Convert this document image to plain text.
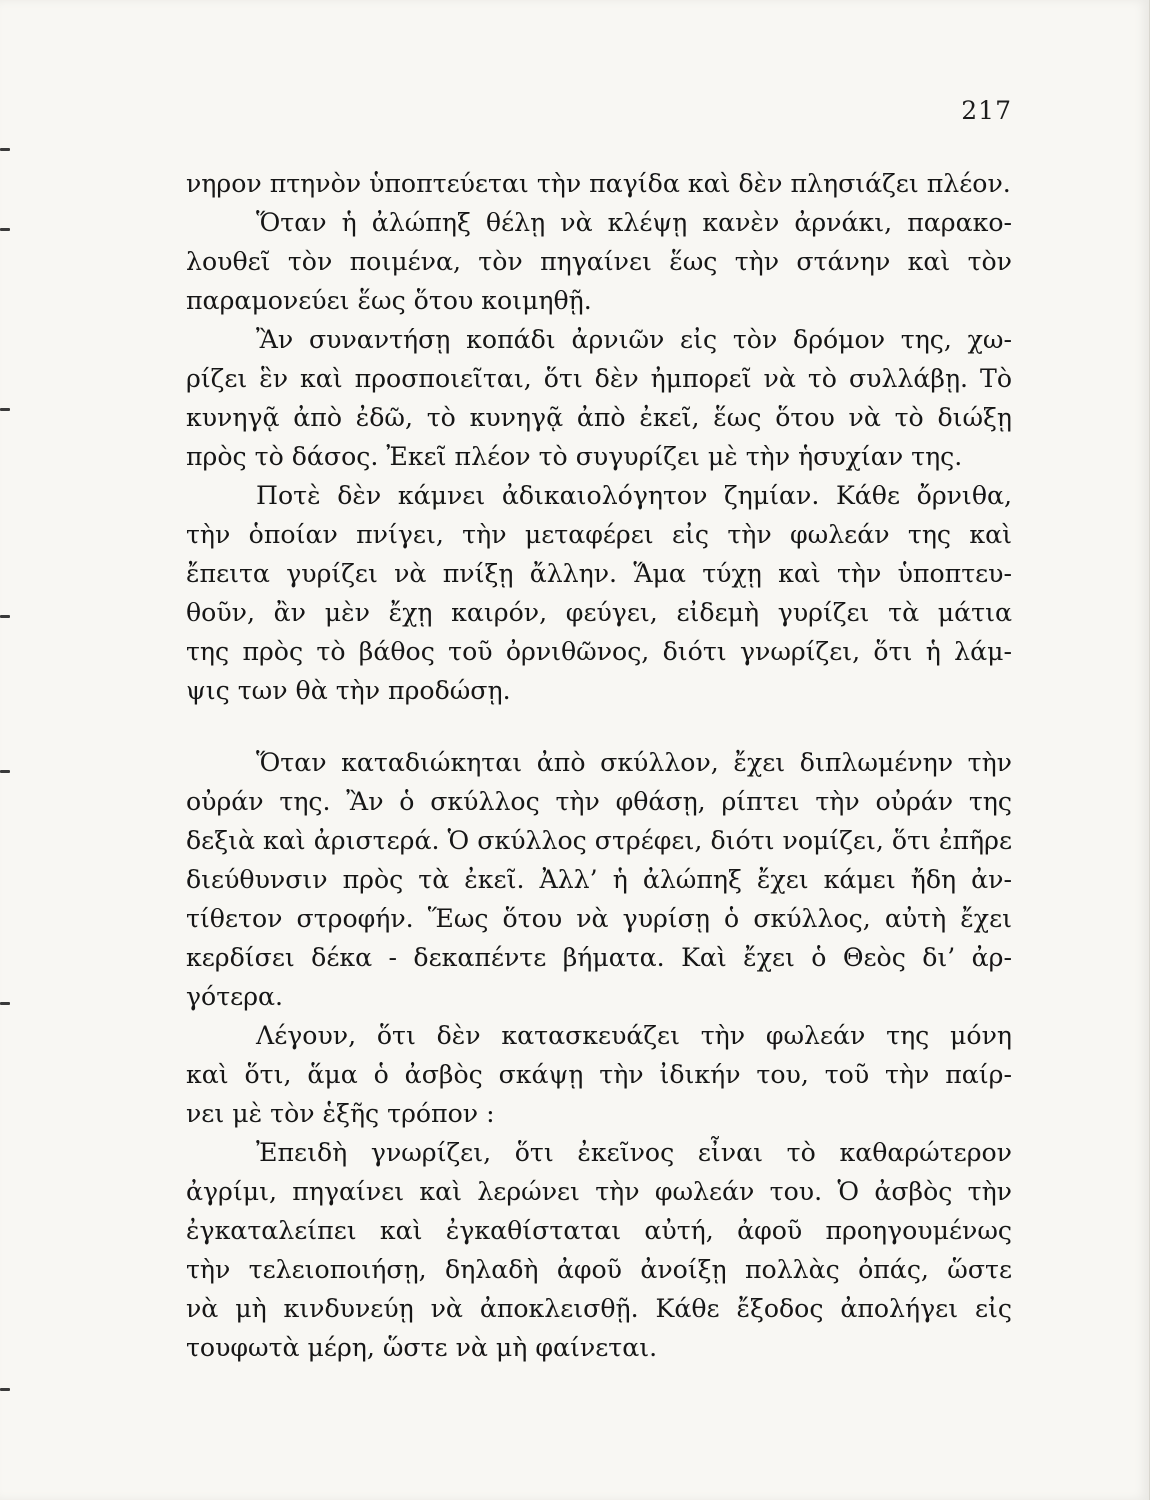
217
νηρον πτηνὸν ὑποπτεύεται τὴν παγίδα καὶ δὲν πλησιάζει πλέον.
Ὅταν ἡ ἀλώπηξ θέλῃ νὰ κλέψῃ κανὲν ἀρνάκι, παρακο-
λουθεῖ τὸν ποιμένα, τὸν πηγαίνει ἕως τὴν στάνην καὶ τὸν
παραμονεύει ἕως ὅτου κοιμηθῇ.
Ἂν συναντήσῃ κοπάδι ἀρνιῶν εἰς τὸν δρόμον της, χω-
ρίζει ἓν καὶ προσποιεῖται, ὅτι δὲν ἠμπορεῖ νὰ τὸ συλλάβῃ. Τὸ
κυνηγᾷ ἀπὸ ἐδῶ, τὸ κυνηγᾷ ἀπὸ ἐκεῖ, ἕως ὅτου νὰ τὸ διώξῃ
πρὸς τὸ δάσος. Ἐκεῖ πλέον τὸ συγυρίζει μὲ τὴν ἡσυχίαν της.
Ποτὲ δὲν κάμνει ἀδικαιολόγητον ζημίαν. Κάθε ὄρνιθα,
τὴν ὁποίαν πνίγει, τὴν μεταφέρει εἰς τὴν φωλεάν της καὶ
ἔπειτα γυρίζει νὰ πνίξῃ ἄλλην. Ἅμα τύχῃ καὶ τὴν ὑποπτευ-
θοῦν, ἂν μὲν ἔχῃ καιρόν, φεύγει, εἰδεμὴ γυρίζει τὰ μάτια
της πρὸς τὸ βάθος τοῦ ὀρνιθῶνος, διότι γνωρίζει, ὅτι ἡ λάμ-
ψις των θὰ τὴν προδώσῃ.
Ὅταν καταδιώκηται ἀπὸ σκύλλον, ἔχει διπλωμένην τὴν
οὐράν της. Ἂν ὁ σκύλλος τὴν φθάσῃ, ρίπτει τὴν οὐράν της
δεξιὰ καὶ ἀριστερά. Ὁ σκύλλος στρέφει, διότι νομίζει, ὅτι ἐπῆρε
διεύθυνσιν πρὸς τὰ ἐκεῖ. Ἀλλ’ ἡ ἀλώπηξ ἔχει κάμει ἤδη ἀν-
τίθετον στροφήν. Ἕως ὅτου νὰ γυρίσῃ ὁ σκύλλος, αὐτὴ ἔχει
κερδίσει δέκα - δεκαπέντε βήματα. Καὶ ἔχει ὁ Θεὸς δι’ ἀρ-
γότερα.
Λέγουν, ὅτι δὲν κατασκευάζει τὴν φωλεάν της μόνη
καὶ ὅτι, ἅμα ὁ ἀσβὸς σκάψῃ τὴν ἰδικήν του, τοῦ τὴν παίρ-
νει μὲ τὸν ἑξῆς τρόπον :
Ἐπειδὴ γνωρίζει, ὅτι ἐκεῖνος εἶναι τὸ καθαρώτερον
ἀγρίμι, πηγαίνει καὶ λερώνει τὴν φωλεάν του. Ὁ ἀσβὸς τὴν
ἐγκαταλείπει καὶ ἐγκαθίσταται αὐτή, ἀφοῦ προηγουμένως
τὴν τελειοποιήσῃ, δηλαδὴ ἀφοῦ ἀνοίξῃ πολλὰς ὀπάς, ὥστε
νὰ μὴ κινδυνεύῃ νὰ ἀποκλεισθῇ. Κάθε ἔξοδος ἀπολήγει εἰς
τουφωτὰ μέρη, ὥστε νὰ μὴ φαίνεται.
